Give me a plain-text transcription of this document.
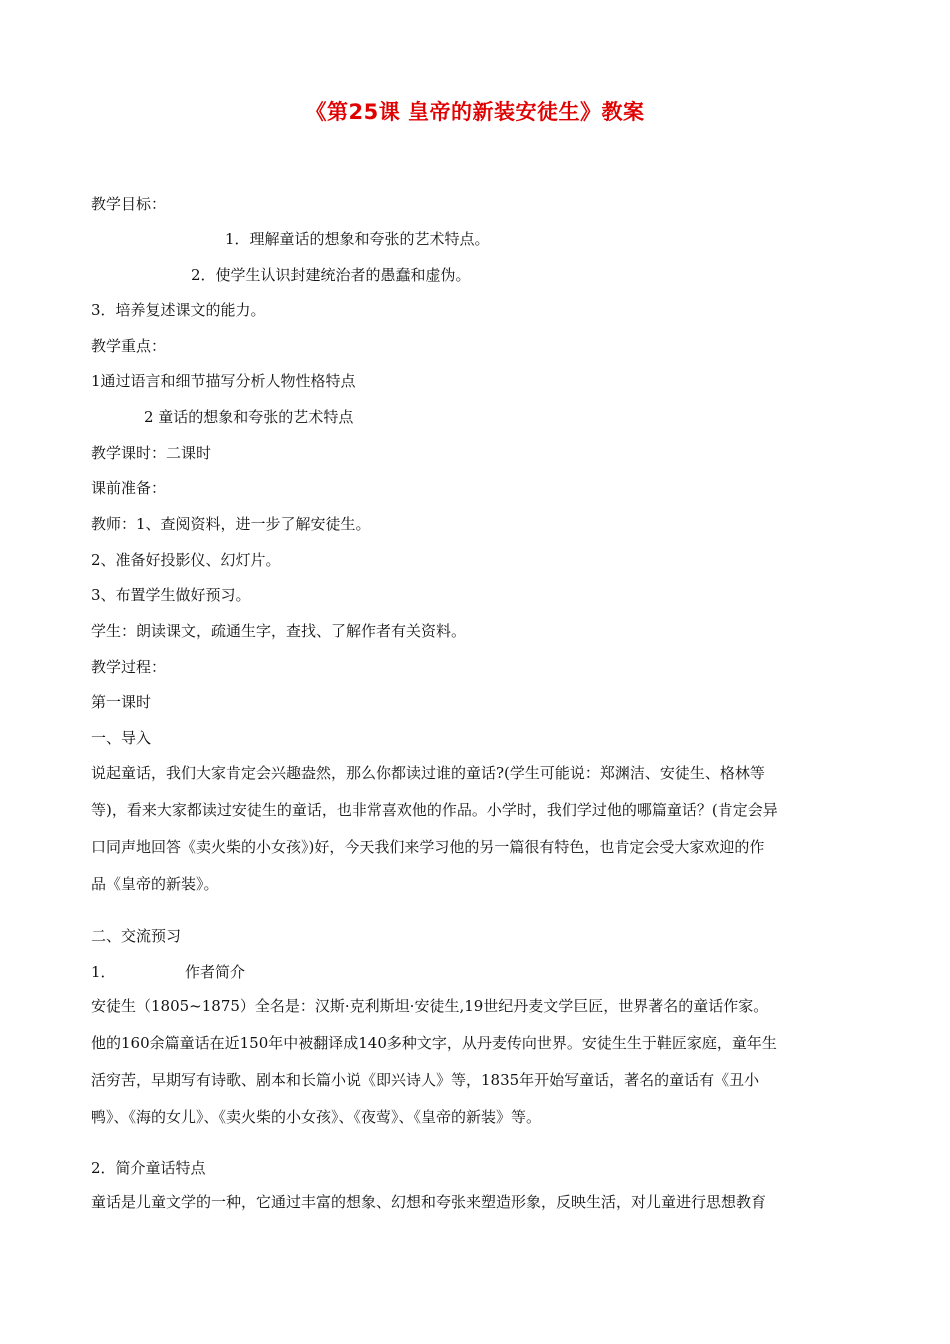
《第25课 皇帝的新装安徒生》教案
教学目标：
1．理解童话的想象和夸张的艺术特点。
2．使学生认识封建统治者的愚蠢和虚伪。
3．培养复述课文的能力。
教学重点：
1通过语言和细节描写分析人物性格特点
2 童话的想象和夸张的艺术特点
教学课时：二课时
课前准备：
教师：1、查阅资料，进一步了解安徒生。
2、准备好投影仪、幻灯片。
3、布置学生做好预习。
学生：朗读课文，疏通生字，查找、了解作者有关资料。
教学过程：
第一课时
一、导入
说起童话，我们大家肯定会兴趣盎然，那么你都读过谁的童话?(学生可能说：郑渊洁、安徒生、格林等
等)，看来大家都读过安徒生的童话，也非常喜欢他的作品。小学时，我们学过他的哪篇童话？(肯定会异
口同声地回答《卖火柴的小女孩》)好，今天我们来学习他的另一篇很有特色，也肯定会受大家欢迎的作
品《皇帝的新装》。
二、交流预习
1．	作者简介
安徒生（1805~1875）全名是：汉斯·克利斯坦·安徒生,19世纪丹麦文学巨匠，世界著名的童话作家。
他的160余篇童话在近150年中被翻译成140多种文字，从丹麦传向世界。安徒生生于鞋匠家庭，童年生
活穷苦，早期写有诗歌、剧本和长篇小说《即兴诗人》等，1835年开始写童话，著名的童话有《丑小
鸭》、《海的女儿》、《卖火柴的小女孩》、《夜莺》、《皇帝的新装》等。
2．简介童话特点
童话是儿童文学的一种，它通过丰富的想象、幻想和夸张来塑造形象，反映生活，对儿童进行思想教育
